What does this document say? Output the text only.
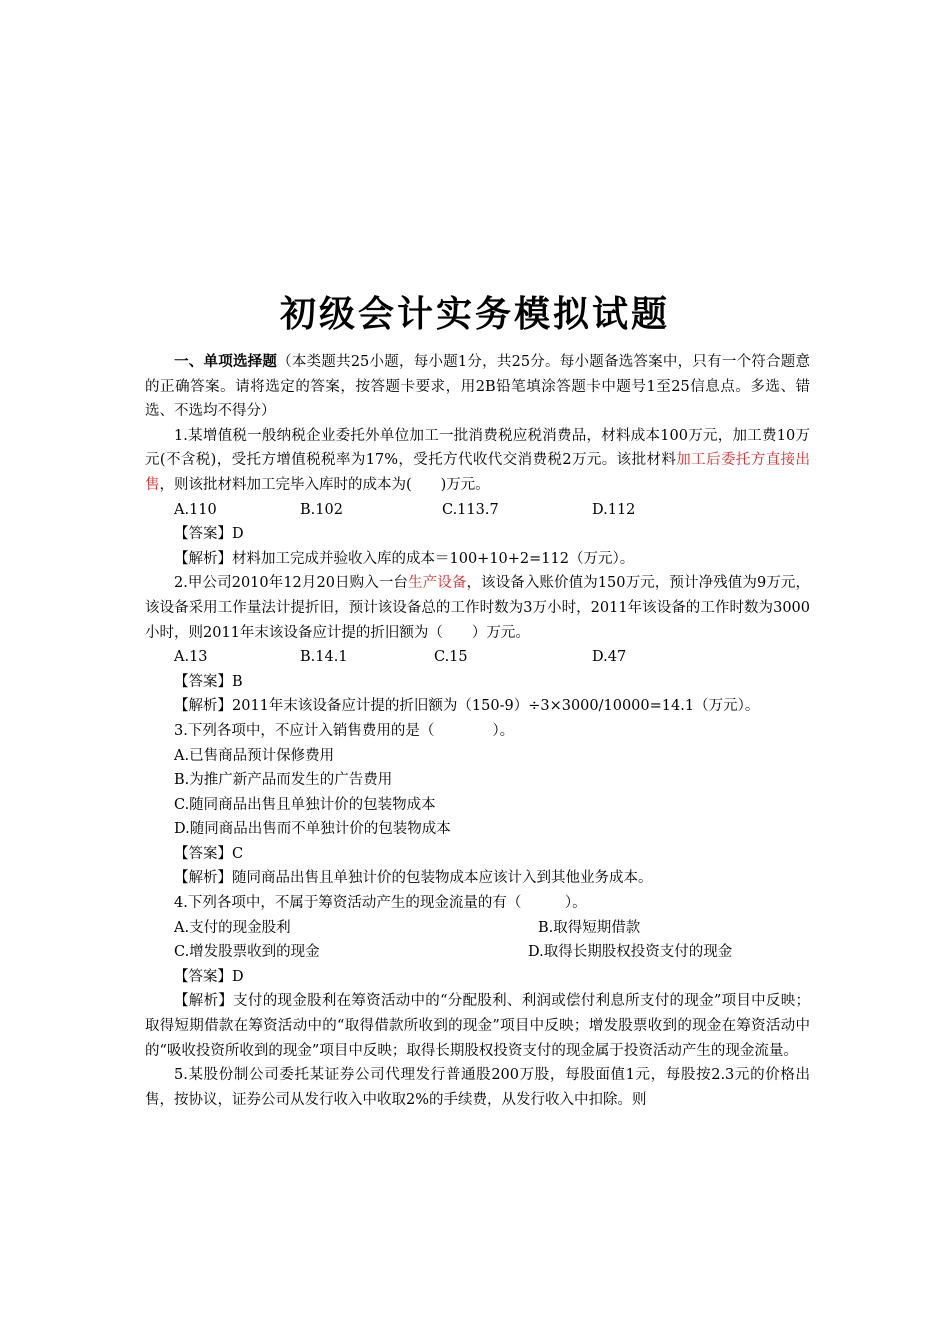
初级会计实务模拟试题

一、单项选择题（本类题共25小题，每小题1分，共25分。每小题备选答案中，只有一个符合题意的正确答案。请将选定的答案，按答题卡要求，用2B铅笔填涂答题卡中题号1至25信息点。多选、错选、不选均不得分）

1.某增值税一般纳税企业委托外单位加工一批消费税应税消费品，材料成本100万元，加工费10万元(不含税)，受托方增值税税率为17%，受托方代收代交消费税2万元。该批材料加工后委托方直接出售，则该批材料加工完毕入库时的成本为(　　)万元。

A.110	B.102	C.113.7	D.112

【答案】D

【解析】材料加工完成并验收入库的成本＝100+10+2=112（万元）。

2.甲公司2010年12月20日购入一台生产设备，该设备入账价值为150万元，预计净残值为9万元，该设备采用工作量法计提折旧，预计该设备总的工作时数为3万小时，2011年该设备的工作时数为3000小时，则2011年末该设备应计提的折旧额为（　　）万元。

A.13	B.14.1	C.15	D.47

【答案】B

【解析】2011年末该设备应计提的折旧额为（150-9）÷3×3000/10000=14.1（万元）。

3.下列各项中，不应计入销售费用的是（　　　　）。

A.已售商品预计保修费用

B.为推广新产品而发生的广告费用

C.随同商品出售且单独计价的包装物成本

D.随同商品出售而不单独计价的包装物成本

【答案】C

【解析】随同商品出售且单独计价的包装物成本应该计入到其他业务成本。

4.下列各项中，不属于筹资活动产生的现金流量的有（　　　）。

A.支付的现金股利	B.取得短期借款
C.增发股票收到的现金	D.取得长期股权投资支付的现金

【答案】D

【解析】支付的现金股利在筹资活动中的“分配股利、利润或偿付利息所支付的现金”项目中反映；取得短期借款在筹资活动中的“取得借款所收到的现金”项目中反映；增发股票收到的现金在筹资活动中的“吸收投资所收到的现金”项目中反映；取得长期股权投资支付的现金属于投资活动产生的现金流量。

5.某股份制公司委托某证券公司代理发行普通股200万股，每股面值1元，每股按2.3元的价格出售，按协议，证券公司从发行收入中收取2%的手续费，从发行收入中扣除。则
